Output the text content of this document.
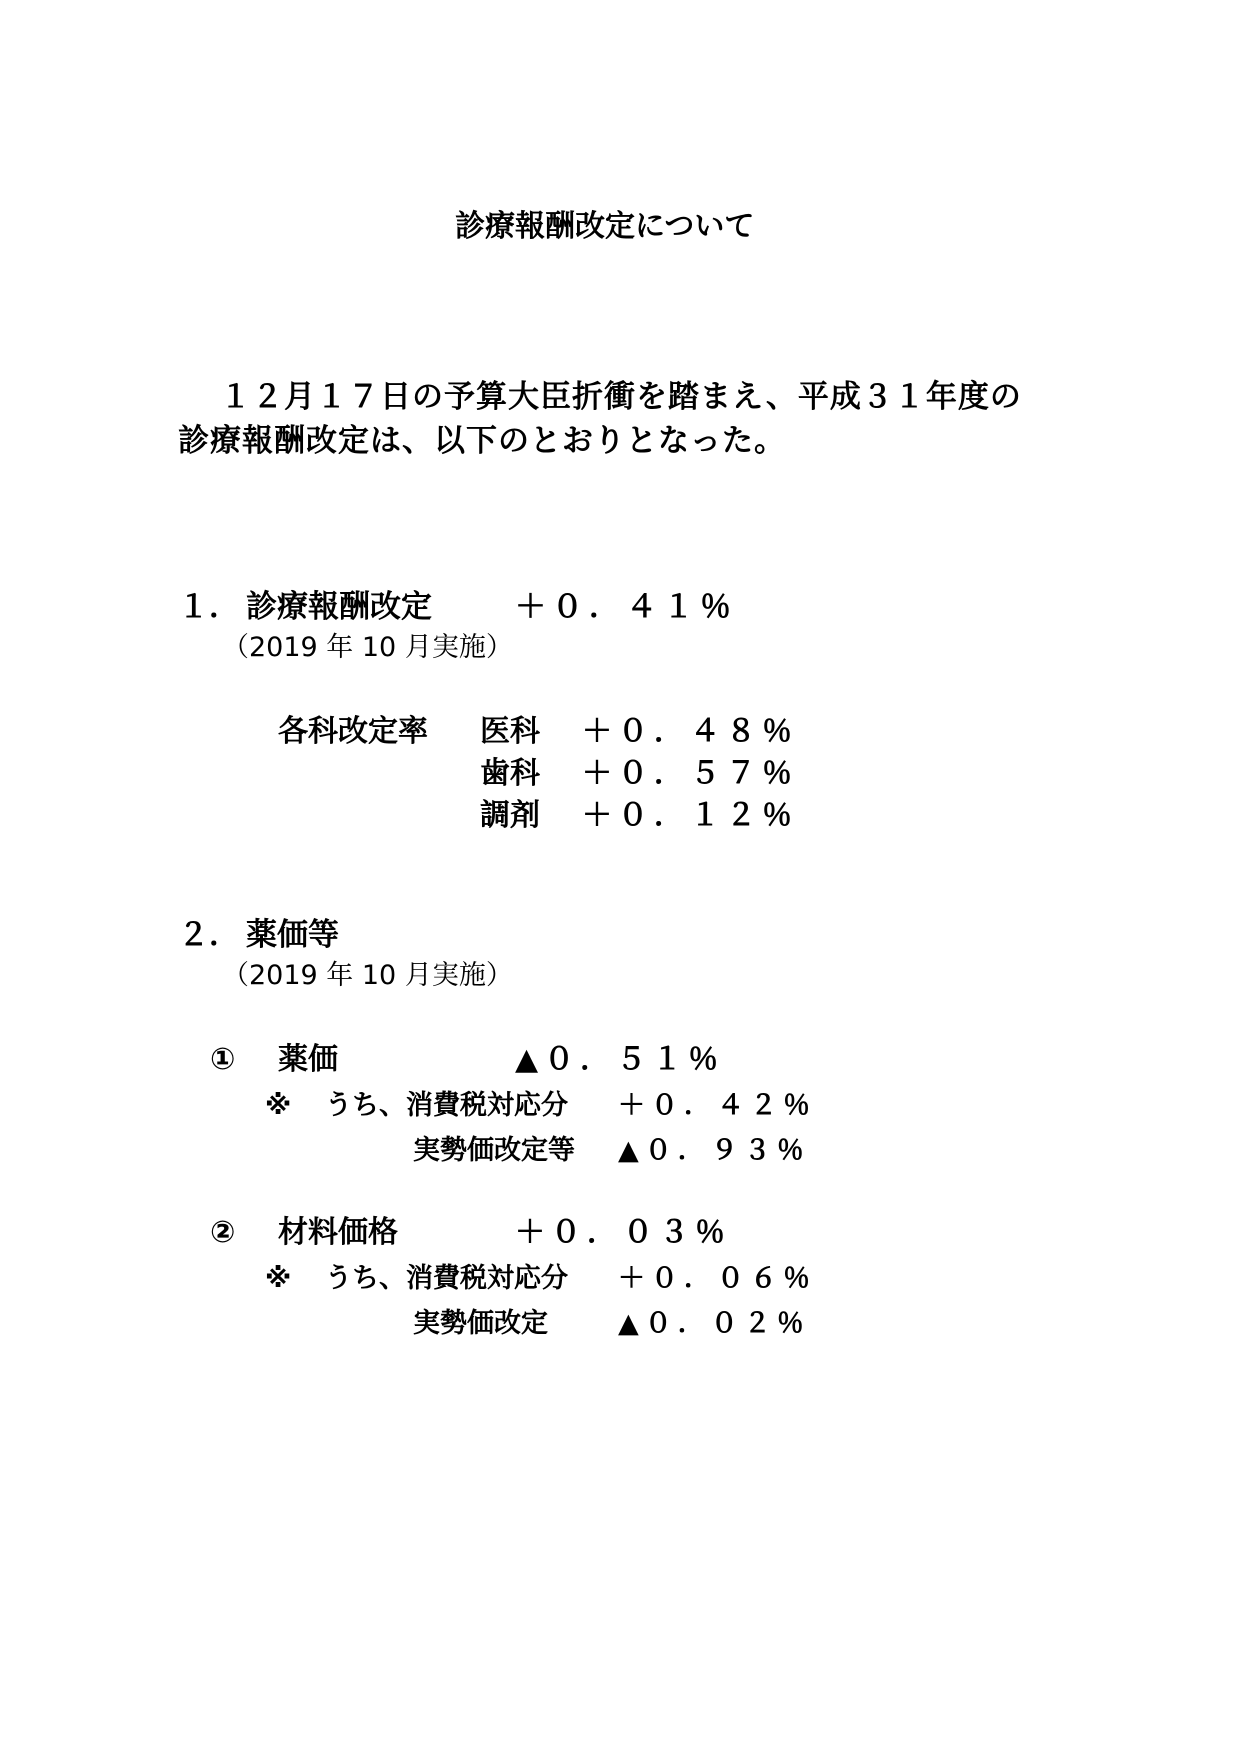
診療報酬改定について
１２月１７日の予算大臣折衝を踏まえ、平成３１年度の
診療報酬改定は、以下のとおりとなった。
１． 診療報酬改定	＋０．４１％
（2019 年 10 月実施）
各科改定率 医科 ＋０．４８％
歯科 ＋０．５７％
調剤 ＋０．１２％
２． 薬価等
（2019 年 10 月実施）
① 薬価	▲０．５１％
※ うち、消費税対応分 ＋０．４２％
実勢価改定等 ▲０．９３％
② 材料価格	＋０．０３％
※ うち、消費税対応分 ＋０．０６％
実勢価改定	▲０．０２％
